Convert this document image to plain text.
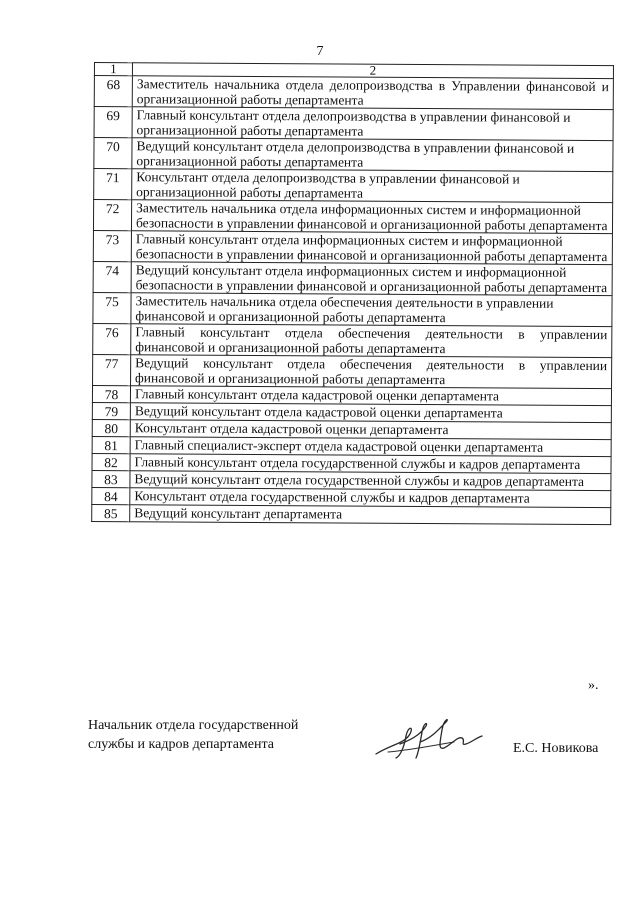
7
1	2
68	Заместитель начальника отдела делопроизводства в Управлении финансовой и организационной работы департамента
69	Главный консультант отдела делопроизводства в управлении финансовой и организационной работы департамента
70	Ведущий консультант отдела делопроизводства в управлении финансовой и организационной работы департамента
71	Консультант отдела делопроизводства в управлении финансовой и организационной работы департамента
72	Заместитель начальника отдела информационных систем и информационной безопасности в управлении финансовой и организационной работы департамента
73	Главный консультант отдела информационных систем и информационной безопасности в управлении финансовой и организационной работы департамента
74	Ведущий консультант отдела информационных систем и информационной безопасности в управлении финансовой и организационной работы департамента
75	Заместитель начальника отдела обеспечения деятельности в управлении финансовой и организационной работы департамента
76	Главный консультант отдела обеспечения деятельности в управлении финансовой и организационной работы департамента
77	Ведущий консультант отдела обеспечения деятельности в управлении финансовой и организационной работы департамента
78	Главный консультант отдела кадастровой оценки департамента
79	Ведущий консультант отдела кадастровой оценки департамента
80	Консультант отдела кадастровой оценки департамента
81	Главный специалист-эксперт отдела кадастровой оценки департамента
82	Главный консультант отдела государственной службы и кадров департамента
83	Ведущий консультант отдела государственной службы и кадров департамента
84	Консультант отдела государственной службы и кадров департамента
85	Ведущий консультант департамента
».
Начальник отдела государственной
службы и кадров департамента	Е.С. Новикова
